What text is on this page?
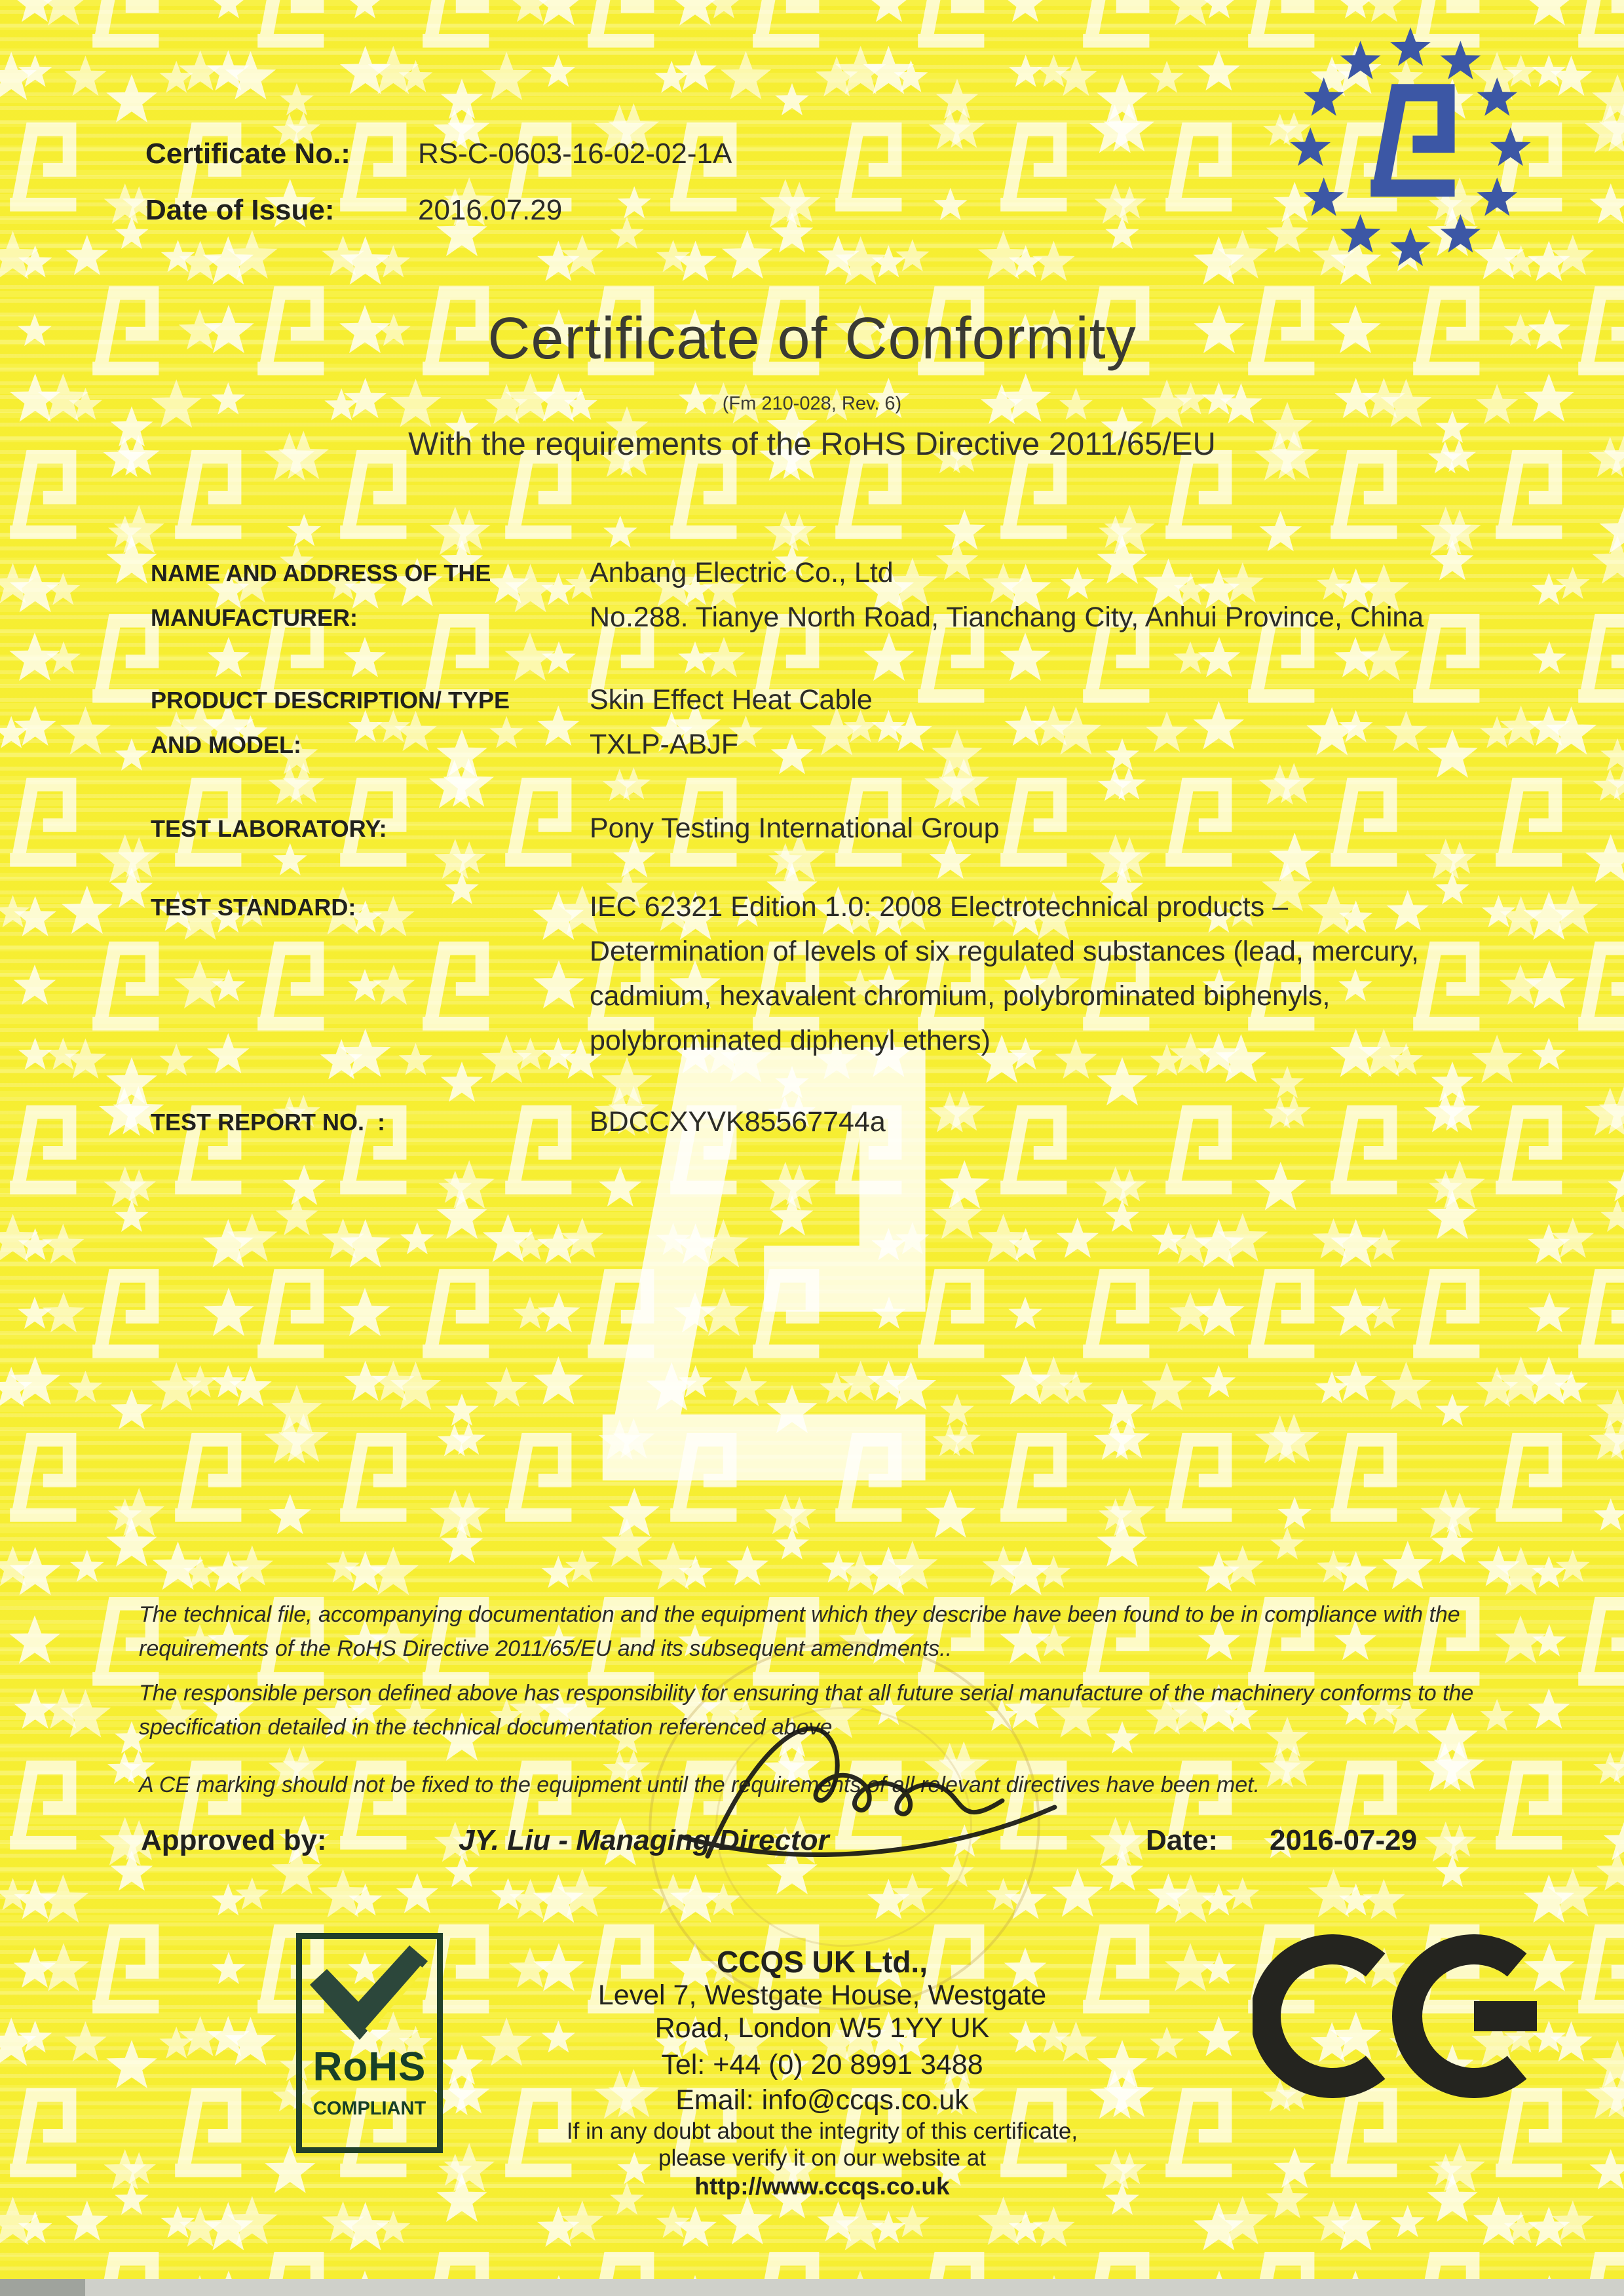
Certificate No.: RS-C-0603-16-02-02-1A
Date of Issue:	2016.07.29
Certificate of Conformity
(Fm 210-028, Rev. 6)
With the requirements of the RoHS Directive 2011/65/EU
NAME AND ADDRESS OF THE
MANUFACTURER:
Anbang Electric Co., Ltd
No.288. Tianye North Road, Tianchang City, Anhui Province, China
PRODUCT DESCRIPTION/ TYPE
AND MODEL:
Skin Effect Heat Cable
TXLP-ABJF
TEST LABORATORY:	Pony Testing International Group
TEST STANDARD:	IEC 62321 Edition 1.0: 2008 Electrotechnical products –
Determination of levels of six regulated substances (lead, mercury,
cadmium, hexavalent chromium, polybrominated biphenyls,
polybrominated diphenyl ethers)
TEST REPORT NO.  :	BDCCXYVK85567744a

The technical file, accompanying documentation and the equipment which they describe have been found to be in compliance with the requirements of the RoHS Directive 2011/65/EU and its subsequent amendments..

The responsible person defined above has responsibility for ensuring that all future serial manufacture of the machinery conforms to the specification detailed in the technical documentation referenced above

A CE marking should not be fixed to the equipment until the requirements of all relevant directives have been met.

Approved by:	JY. Liu - Managing Director	Date: 2016-07-29
RoHS
COMPLIANT
CCQS UK Ltd.,
Level 7, Westgate House, Westgate
Road, London W5 1YY UK
Tel: +44 (0) 20 8991 3488
Email: info@ccqs.co.uk
If in any doubt about the integrity of this certificate,
please verify it on our website at
http://www.ccqs.co.uk
